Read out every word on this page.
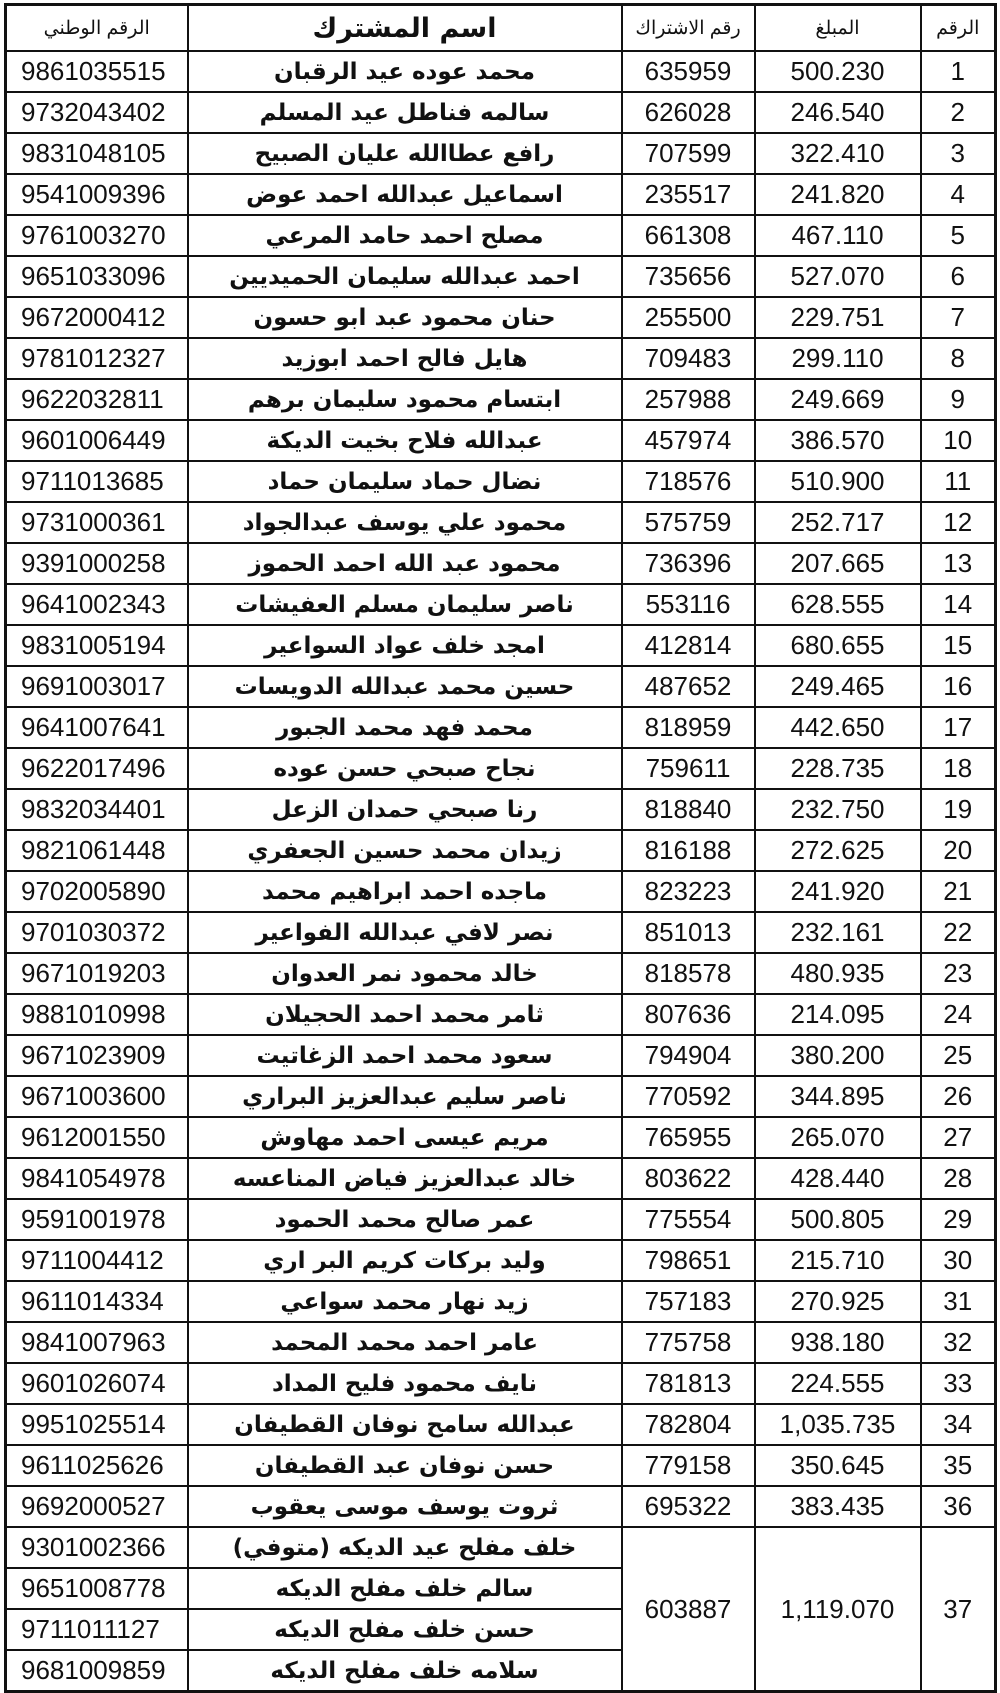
الرقم الوطني	اسم المشترك	رقم الاشتراك	المبلغ	الرقم
9861035515	محمد عوده عيد الرقبان	635959	500.230	1
9732043402	سالمه فناطل عيد المسلم	626028	246.540	2
9831048105	رافع عطاالله عليان الصبيح	707599	322.410	3
9541009396	اسماعيل عبدالله احمد عوض	235517	241.820	4
9761003270	مصلح احمد حامد المرعي	661308	467.110	5
9651033096	احمد عبدالله سليمان الحميديين	735656	527.070	6
9672000412	حنان محمود عبد ابو حسون	255500	229.751	7
9781012327	هايل فالح احمد ابوزيد	709483	299.110	8
9622032811	ابتسام محمود سليمان برهم	257988	249.669	9
9601006449	عبدالله فلاح بخيت الديكة	457974	386.570	10
9711013685	نضال حماد سليمان حماد	718576	510.900	11
9731000361	محمود علي يوسف عبدالجواد	575759	252.717	12
9391000258	محمود عبد الله احمد الحموز	736396	207.665	13
9641002343	ناصر سليمان مسلم العفيشات	553116	628.555	14
9831005194	امجد خلف عواد السواعير	412814	680.655	15
9691003017	حسين محمد عبدالله الدويسات	487652	249.465	16
9641007641	محمد فهد محمد الجبور	818959	442.650	17
9622017496	نجاح صبحي حسن عوده	759611	228.735	18
9832034401	رنا صبحي حمدان الزعل	818840	232.750	19
9821061448	زيدان محمد حسين الجعفري	816188	272.625	20
9702005890	ماجده احمد ابراهيم محمد	823223	241.920	21
9701030372	نصر لافي عبدالله الفواعير	851013	232.161	22
9671019203	خالد محمود نمر العدوان	818578	480.935	23
9881010998	ثامر محمد احمد الحجيلان	807636	214.095	24
9671023909	سعود محمد احمد الزغاتيت	794904	380.200	25
9671003600	ناصر سليم عبدالعزيز البراري	770592	344.895	26
9612001550	مريم عيسى احمد مهاوش	765955	265.070	27
9841054978	خالد عبدالعزيز فياض المناعسه	803622	428.440	28
9591001978	عمر صالح محمد الحمود	775554	500.805	29
9711004412	وليد بركات كريم البر اري	798651	215.710	30
9611014334	زيد نهار محمد سواعي	757183	270.925	31
9841007963	عامر احمد محمد المحمد	775758	938.180	32
9601026074	نايف محمود فليح المداد	781813	224.555	33
9951025514	عبدالله سامح نوفان القطيفان	782804	1,035.735	34
9611025626	حسن نوفان عبد القطيفان	779158	350.645	35
9692000527	ثروت يوسف موسى يعقوب	695322	383.435	36
9301002366	خلف مفلح عيد الديكه (متوفي)	603887	1,119.070	37
9651008778	سالم خلف مفلح الديكه			
9711011127	حسن خلف مفلح الديكه			
9681009859	سلامه خلف مفلح الديكه			
